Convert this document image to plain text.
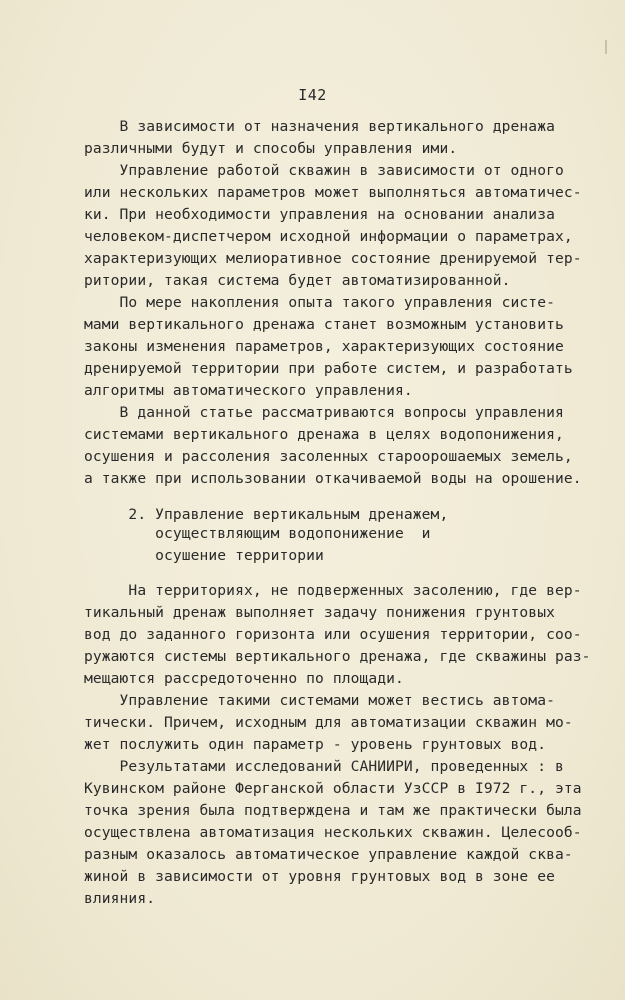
I42
В зависимости от назначения вертикального дренажа
различными будут и способы управления ими.
Управление работой скважин в зависимости от одного
или нескольких параметров может выполняться автоматичес-
ки. При необходимости управления на основании анализа
человеком-диспетчером исходной информации о параметрах,
характеризующих мелиоративное состояние дренируемой тер-
ритории, такая система будет автоматизированной.
По мере накопления опыта такого управления систе-
мами вертикального дренажа станет возможным установить
законы изменения параметров, характеризующих состояние
дренируемой территории при работе систем, и разработать
алгоритмы автоматического управления.
В данной статье рассматриваются вопросы управления
системами вертикального дренажа в целях водопонижения,
осушения и рассоления засоленных староорошаемых земель,
а также при использовании откачиваемой воды на орошение.
2. Управление вертикальным дренажем,
осуществляющим водопонижение  и
осушение территории
На территориях, не подверженных засолению, где вер-
тикальный дренаж выполняет задачу понижения грунтовых
вод до заданного горизонта или осушения территории, соо-
ружаются системы вертикального дренажа, где скважины раз-
мещаются рассредоточенно по площади.
Управление такими системами может вестись автома-
тически. Причем, исходным для автоматизации скважин мо-
жет послужить один параметр - уровень грунтовых вод.
Результатами исследований САНИИРИ, проведенных : в
Кувинском районе Ферганской области УзССР в I972 г., эта
точка зрения была подтверждена и там же практически была
осуществлена автоматизация нескольких скважин. Целесооб-
разным оказалось автоматическое управление каждой сква-
жиной в зависимости от уровня грунтовых вод в зоне ее
влияния.
